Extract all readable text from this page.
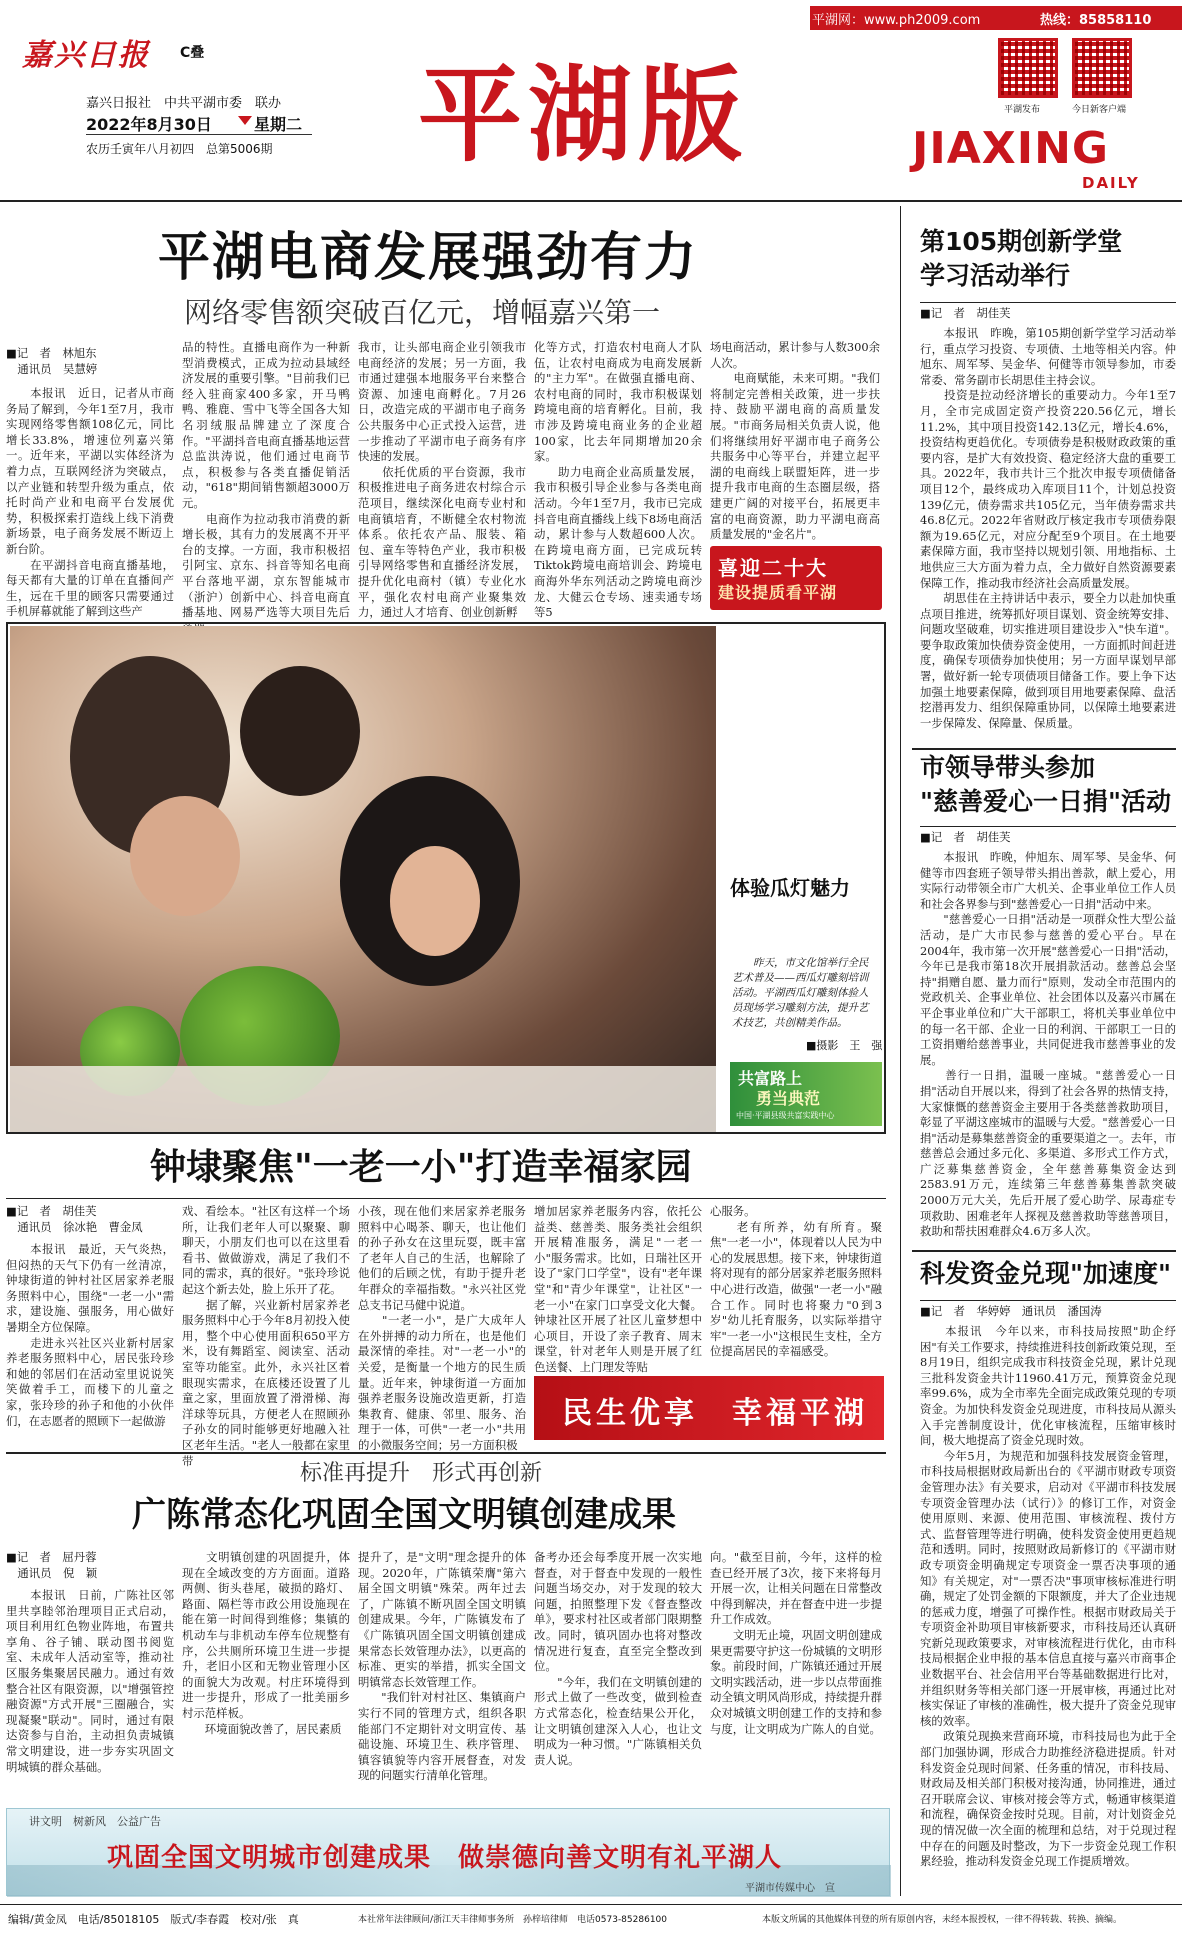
平湖网：www.ph2009.com	热线：85858110
嘉兴日报 C叠
嘉兴日报社　中共平湖市委　联办
2022年8月30日	星期二
农历壬寅年八月初四　总第5006期 平湖版	平湖发布	今日新客户端
JIAXING
DAILY
平湖电商发展强劲有力
网络零售额突破百亿元，增幅嘉兴第一
■记　者　林旭东
　通讯员　吴慧婷
　　本报讯　近日，记者从市商务局了解到，今年1至7月，我市实现网络零售额108亿元，同比增长33.8%，增速位列嘉兴第一。近年来，平湖以实体经济为着力点，互联网经济为突破点，以产业链和转型升级为重点，依托时尚产业和电商平台发展优势，积极探索打造线上线下消费新场景，电子商务发展不断迈上新台阶。
　　在平湖抖音电商直播基地，每天都有大量的订单在直播间产生，远在千里的顾客只需要通过手机屏幕就能了解到这些产
品的特性。直播电商作为一种新型消费模式，正成为拉动县域经济发展的重要引擎。"目前我们已经入驻商家400多家，开马鸭鸭、雅鹿、雪中飞等全国各大知名羽绒服品牌建立了深度合作。"平湖抖音电商直播基地运营总监洪涛说，他们通过电商节点，积极参与各类直播促销活动，"618"期间销售额超3000万元。
　　电商作为拉动我市消费的新增长极，其有力的发展离不开平台的支撑。一方面，我市积极招引阿宝、京东、抖音等知名电商平台落地平湖，京东智能城市（浙沪）创新中心、抖音电商直播基地、网易严选等大项目先后
我市，让头部电商企业引领我市电商经济的发展；另一方面，我市通过建强本地服务平台来整合资源、加速电商孵化。7月26日，改造完成的平湖市电子商务公共服务中心正式投入运营，进一步推动了平湖市电子商务有序快速的发展。
　　依托优质的平台资源，我市积极推进电子商务进农村综合示范项目，继续深化电商专业村和电商镇培育，不断健全农村物流体系。依托农产品、服装、箱包、童车等特色产业，我市积极引导网络零售和直播经济发展，提升优化电商村（镇）专业化水平，强化农村电商产业聚集效力，通过人才培育、创业创新孵
化等方式，打造农村电商人才队伍，让农村电商成为电商发展新的"主力军"。在做强直播电商、农村电商的同时，我市积极谋划跨境电商的培育孵化。目前，我市涉及跨境电商业务的企业超100家，比去年同期增加20余家。
　　助力电商企业高质量发展，我市积极引导企业参与各类电商活动。今年1至7月，我市已完成抖音电商直播线上线下8场电商活动，累计参与人数超600人次。在跨境电商方面，已完成玩转Tiktok跨境电商培训会、跨境电商海外华东列活动之跨境电商沙龙、大健云仓专场、速卖通专场等5
场电商活动，累计参与人数300余人次。
　　电商赋能，未来可期。"我们将制定完善相关政策，进一步扶持、鼓励平湖电商的高质量发展。"市商务局相关负责人说，他们将继续用好平湖市电子商务公共服务中心等平台，并建立起平湖的电商线上联盟矩阵，进一步提升我市电商的生态圈层级，搭建更广阔的对接平台，拓展更丰富的电商资源，助力平湖电商高质量发展的"金名片"。
喜迎二十大
建设提质看平湖
体验瓜灯魅力
　　昨天，市文化馆举行全民艺术普及——西瓜灯雕刻培训活动。平湖西瓜灯雕刻体验人员现场学习雕刻方法，提升艺术技艺，共创精美作品。
■摄影　王　强
共富路上
勇当典范
中国·平湖县级共富实践中心
钟埭聚焦"一老一小"打造幸福家园
■记　者　胡佳芙
　通讯员　徐冰艳　曹金凤
　　本报讯　最近，天气炎热，但闷热的天气下仍有一丝清凉，钟埭街道的钟村社区居家养老服务照料中心，围绕"一老一小"需求，建设施、强服务，用心做好暑期全方位保障。
　　走进永兴社区兴业新村居家养老服务照料中心，居民张玲珍和她的邻居们在活动室里说说笑笑做着手工，而楼下的儿童之家，张玲珍的孙子和他的小伙伴们，在志愿者的照顾下一起做游
戏、看绘本。"社区有这样一个场所，让我们老年人可以聚聚、聊聊天，小朋友们也可以在这里看看书、做做游戏，满足了我们不同的需求，真的很好。"张玲珍说起这个新去处，脸上乐开了花。
　　据了解，兴业新村居家养老服务照料中心于今年8月初投入使用，整个中心使用面积650平方米，设有舞蹈室、阅读室、活动室等功能室。此外，永兴社区着眼现实需求，在底楼还设置了儿童之家，里面放置了滑滑梯、海洋球等玩具，方便老人在照顾孙子孙女的同时能够更好地融入社区老年生活。"老人一般都在家里带
小孩，现在他们来居家养老服务照料中心喝茶、聊天，也让他们的孙子孙女在这里玩耍，既丰富了老年人自己的生活，也解除了他们的后顾之忧，有助于提升老年群众的幸福指数。"永兴社区党总支书记马健中说道。
　　"一老一小"，是广大成年人在外拼搏的动力所在，也是他们最深情的牵挂。对"一老一小"的关爱，是衡量一个地方的民生质量。近年来，钟埭街道一方面加强养老服务设施改造更新，打造集教育、健康、邻里、服务、治理于一体，可供"一老一小"共用的小微服务空间；另一方面积极
增加居家养老服务内容，依托公益类、慈善类、服务类社会组织开展精准服务，满足"一老一小"服务需求。比如，日瑞社区开设了"家门口学堂"，设有"老年课堂"和"青少年课堂"，让社区"一老一小"在家门口享受文化大餐。钟埭社区开展了社区儿童梦想中心项目，开设了亲子教育、周末课堂，针对老年人则是开展了红色送餐、上门理发等贴
心服务。
　　老有所养，幼有所育。聚焦"一老一小"，体现着以人民为中心的发展思想。接下来，钟埭街道将对现有的部分居家养老服务照料中心进行改造，做强"一老一小"融合工作。同时也将聚力"0到3岁"幼儿托育服务，以实际举措守牢"一老一小"这根民生支柱，全方位提高居民的幸福感受。
民生优享　幸福平湖
标准再提升　形式再创新
广陈常态化巩固全国文明镇创建成果
■记　者　屈丹蓉
　通讯员　倪　颖
　　本报讯　日前，广陈社区邻里共享睦邻治理项目正式启动，项目利用红色物业阵地，布置共享角、谷子铺、联动图书阅览室、未成年人活动室等，推动社区服务集聚居民融力。通过有效整合社区有限资源，以"增强管控融资源"方式开展"三圈融合，实现凝聚"联动"。同时，通过有限达资参与自治，主动担负责城镇常文明建设，进一步夯实巩固文明城镇的群众基础。
　　文明镇创建的巩固提升，体现在全域改变的方方面面。道路两侧、街头巷尾，破损的路灯、路面、隔栏等市政公用设施现在能在第一时间得到维修；集镇的机动车与非机动车停车位规整有序，公共厕所环境卫生进一步提升，老旧小区和无物业管理小区的面貌大为改观。村庄环境得到进一步提升，形成了一批美丽乡村示范样板。
　　环境面貌改善了，居民素质
提升了，是"文明"理念提升的体现。2020年，广陈镇荣膺"第六届全国文明镇"殊荣。两年过去了，广陈镇不断巩固全国文明镇创建成果。今年，广陈镇发布了《广陈镇巩固全国文明镇创建成果常态长效管理办法》，以更高的标准、更实的举措，抓实全国文明镇常态长效管理工作。
　　"我们针对村社区、集镇商户实行不同的管理方式，组织各职能部门不定期针对文明宣传、基础设施、环境卫生、秩序管理、镇容镇貌等内容开展督查，对发现的问题实行清单化管理。
备考办还会每季度开展一次实地督查，对于督查中发现的一般性问题当场交办，对于发现的较大问题，拍照整理下发《督查整改单》，要求村社区或者部门限期整改。同时，镇巩固办也将对整改情况进行复查，直至完全整改到位。
　　"今年，我们在文明镇创建的形式上做了一些改变，做到检查方式常态化，检查结果公开化，让文明镇创建深入人心，也让文明成为一种习惯。"广陈镇相关负责人说。
向。"截至目前，今年，这样的检查已经开展了3次，接下来将每月开展一次，让相关问题在日常整改中得到解决，并在督查中进一步提升工作成效。
　　文明无止境，巩固文明创建成果更需要守护这一份城镇的文明形象。前段时间，广陈镇还通过开展文明实践活动，进一步以点带面推动全镇文明风尚形成，持续提升群众对城镇文明创建工作的支持和参与度，让文明成为广陈人的自觉。
第105期创新学堂
学习活动举行
■记　者　胡佳芙
　　本报讯　昨晚，第105期创新学堂学习活动举行，重点学习投资、专项债、土地等相关内容。仲旭东、周军琴、吴金华、何健等市领导参加，市委常委、常务副市长胡思佳主持会议。
　　投资是拉动经济增长的重要动力。今年1至7月，全市完成固定资产投资220.56亿元，增长11.2%，其中项目投资142.13亿元，增长4.6%，投资结构更趋优化。专项债券是积极财政政策的重要内容，是扩大有效投资、稳定经济大盘的重要工具。2022年，我市共计三个批次申报专项债储备项目12个，最终成功入库项目11个，计划总投资139亿元，债券需求共105亿元，当年债券需求共46.8亿元。2022年省财政厅核定我市专项债券限额为19.65亿元，对应分配至9个项目。在土地要素保障方面，我市坚持以规划引领、用地指标、土地供应三大方面为着力点，全力做好自然资源要素保障工作，推动我市经济社会高质量发展。
　　胡思佳在主持讲话中表示，要全力以赴加快重点项目推进，统筹抓好项目谋划、资金统筹安排、问题攻坚破难，切实推进项目建设步入"快车道"。要争取政策加快债券资金使用，一方面抓时间赶进度，确保专项债券加快使用；另一方面早谋划早部署，做好新一轮专项债项目储备工作。要上争下达加强土地要素保障，做到项目用地要素保障、盘活挖潜再发力、组织保障重协同，以保障土地要素进一步保障发、保障量、保质量。
市领导带头参加
"慈善爱心一日捐"活动
■记　者　胡佳芙
　　本报讯　昨晚，仲旭东、周军琴、吴金华、何健等市四套班子领导带头捐出善款，献上爱心，用实际行动带领全市广大机关、企事业单位工作人员和社会各界参与到"慈善爱心一日捐"活动中来。
　　"慈善爱心一日捐"活动是一项群众性大型公益活动，是广大市民参与慈善的爱心平台。早在2004年，我市第一次开展"慈善爱心一日捐"活动，今年已是我市第18次开展捐款活动。慈善总会坚持"捐赠自愿、量力而行"原则，发动全市范围内的党政机关、企事业单位、社会团体以及嘉兴市属在平企事业单位和广大干部职工，将机关事业单位中的每一名干部、企业一日的利润、干部职工一日的工资捐赠给慈善事业，共同促进我市慈善事业的发展。
　　善行一日捐，温暖一座城。"慈善爱心一日捐"活动自开展以来，得到了社会各界的热情支持，大家慷慨的慈善资金主要用于各类慈善救助项目，彰显了平湖这座城市的温暖与大爱。"慈善爱心一日捐"活动是募集慈善资金的重要渠道之一。去年，市慈善总会通过多元化、多渠道、多形式工作方式，广泛募集慈善资金，全年慈善募集资金达到2583.91万元，连续第三年慈善募集善款突破2000万元大关，先后开展了爱心助学、尿毒症专项救助、困难老年人探视及慈善救助等慈善项目，救助和帮扶困难群众4.6万多人次。
科发资金兑现"加速度"
■记　者　华婷婷　通讯员　潘国涛
　　本报讯　今年以来，市科技局按照"助企纾困"有关工作要求，持续推进科技创新政策兑现，至8月19日，组织完成我市科技资金兑现，累计兑现三批科发资金共计11960.41万元，预算资金兑现率99.6%，成为全市率先全面完成政策兑现的专项资金。为加快科发资金兑现进度，市科技局从源头入手完善制度设计，优化审核流程，压缩审核时间，极大地提高了资金兑现时效。
　　今年5月，为规范和加强科技发展资金管理，市科技局根据财政局新出台的《平湖市财政专项资金管理办法》有关要求，启动对《平湖市科技发展专项资金管理办法（试行）》的修订工作，对资金使用原则、来源、使用范围、审核流程、拨付方式、监督管理等进行明确，使科发资金使用更趋规范和透明。同时，按照财政局新修订的《平湖市财政专项资金明确规定专项资金一票否决事项的通知》有关规定，对"一票否决"事项审核标准进行明确，规定了处罚金额的下限额度，并大了企业违规的惩戒力度，增强了可操作性。根据市财政局关于专项资金补助项目审核新要求，市科技局还认真研究新兑现政策要求，对审核流程进行优化，由市科技局根据企业申报的基本信息直接与嘉兴市商事企业数据平台、社会信用平台等基础数据进行比对，并组织财务等相关部门逐一开展审核，再通过比对核实保证了审核的准确性，极大提升了资金兑现审核的效率。
　　政策兑现换来营商环境，市科技局也为此于全部门加强协调，形成合力助推经济稳进提质。针对科发资金兑现时间紧、任务重的情况，市科技局、财政局及相关部门积极对接沟通，协同推进，通过召开联席会议、审核对接会等方式，畅通审核渠道和流程，确保资金按时兑现。目前，对计划资金兑现的情况做一次全面的梳理和总结，对于兑现过程中存在的问题及时整改，为下一步资金兑现工作积累经验，推动科发资金兑现工作提质增效。
讲文明　树新风　公益广告
巩固全国文明城市创建成果　做崇德向善文明有礼平湖人
平湖市传媒中心　宣
编辑/黄金凤　电话/85018105　版式/李春霞　校对/张　真	本社常年法律顾问/浙江天丰律师事务所　孙梓培律师　电话0573-85286100	本版文所属的其他媒体刊登的所有原创内容，未经本报授权，一律不得转载、转换、摘编。
